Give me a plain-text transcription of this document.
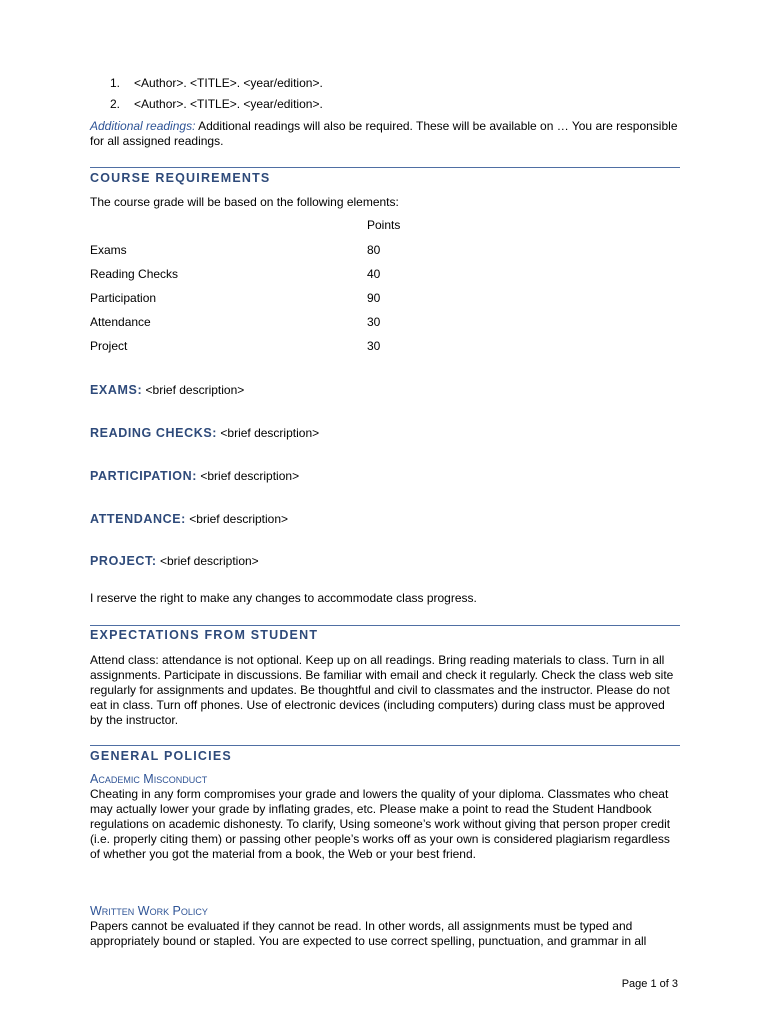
1. <Author>. <TITLE>. <year/edition>.
2. <Author>. <TITLE>. <year/edition>.
Additional readings: Additional readings will also be required. These will be available on … You are responsible for all assigned readings.
COURSE REQUIREMENTS
The course grade will be based on the following elements:
Points
Exams	80
Reading Checks	40
Participation	90
Attendance	30
Project	30
EXAMS: <brief description>
READING CHECKS: <brief description>
PARTICIPATION: <brief description>
ATTENDANCE: <brief description>
PROJECT: <brief description>
I reserve the right to make any changes to accommodate class progress.
EXPECTATIONS FROM STUDENT
Attend class: attendance is not optional. Keep up on all readings. Bring reading materials to class. Turn in all assignments. Participate in discussions. Be familiar with email and check it regularly. Check the class web site regularly for assignments and updates. Be thoughtful and civil to classmates and the instructor. Please do not eat in class. Turn off phones. Use of electronic devices (including computers) during class must be approved by the instructor.
GENERAL POLICIES
Academic Misconduct
Cheating in any form compromises your grade and lowers the quality of your diploma. Classmates who cheat may actually lower your grade by inflating grades, etc. Please make a point to read the Student Handbook regulations on academic dishonesty. To clarify, Using someone’s work without giving that person proper credit (i.e. properly citing them) or passing other people’s works off as your own is considered plagiarism regardless of whether you got the material from a book, the Web or your best friend.
Written Work Policy
Papers cannot be evaluated if they cannot be read. In other words, all assignments must be typed and appropriately bound or stapled. You are expected to use correct spelling, punctuation, and grammar in all
Page 1 of 3
